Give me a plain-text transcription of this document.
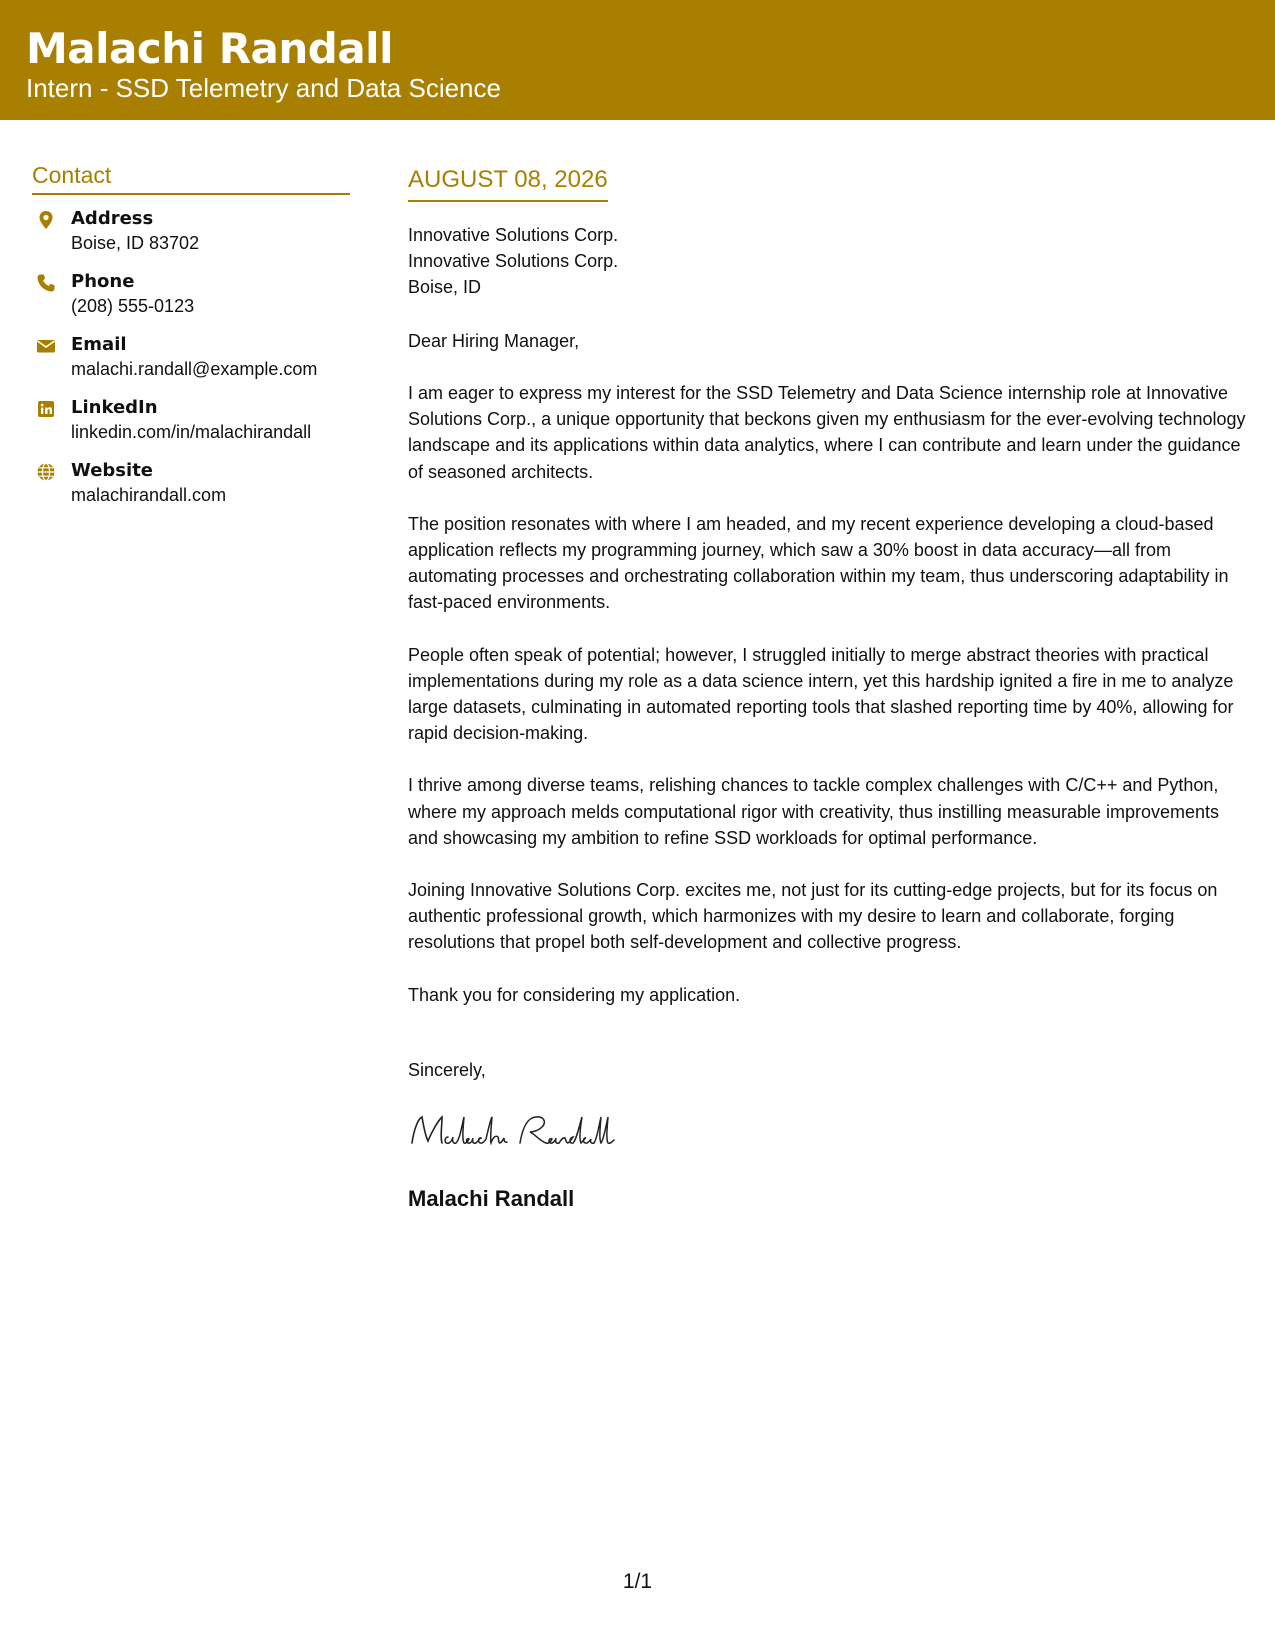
Malachi Randall
Intern - SSD Telemetry and Data Science
Contact
Address
Boise, ID 83702
Phone
(208) 555-0123
Email
malachi.randall@example.com
LinkedIn
linkedin.com/in/malachirandall
Website
malachirandall.com
AUGUST 08, 2026
Innovative Solutions Corp.
Innovative Solutions Corp.
Boise, ID
Dear Hiring Manager,

I am eager to express my interest for the SSD Telemetry and Data Science internship role at Innovative Solutions Corp., a unique opportunity that beckons given my enthusiasm for the ever-evolving technology landscape and its applications within data analytics, where I can contribute and learn under the guidance of seasoned architects.

The position resonates with where I am headed, and my recent experience developing a cloud-based application reflects my programming journey, which saw a 30% boost in data accuracy—all from automating processes and orchestrating collaboration within my team, thus underscoring adaptability in fast-paced environments.

People often speak of potential; however, I struggled initially to merge abstract theories with practical implementations during my role as a data science intern, yet this hardship ignited a fire in me to analyze large datasets, culminating in automated reporting tools that slashed reporting time by 40%, allowing for rapid decision-making.

I thrive among diverse teams, relishing chances to tackle complex challenges with C/C++ and Python, where my approach melds computational rigor with creativity, thus instilling measurable improvements and showcasing my ambition to refine SSD workloads for optimal performance.

Joining Innovative Solutions Corp. excites me, not just for its cutting-edge projects, but for its focus on authentic professional growth, which harmonizes with my desire to learn and collaborate, forging resolutions that propel both self-development and collective progress.

Thank you for considering my application.

Sincerely,
Malachi Randall
1/1
